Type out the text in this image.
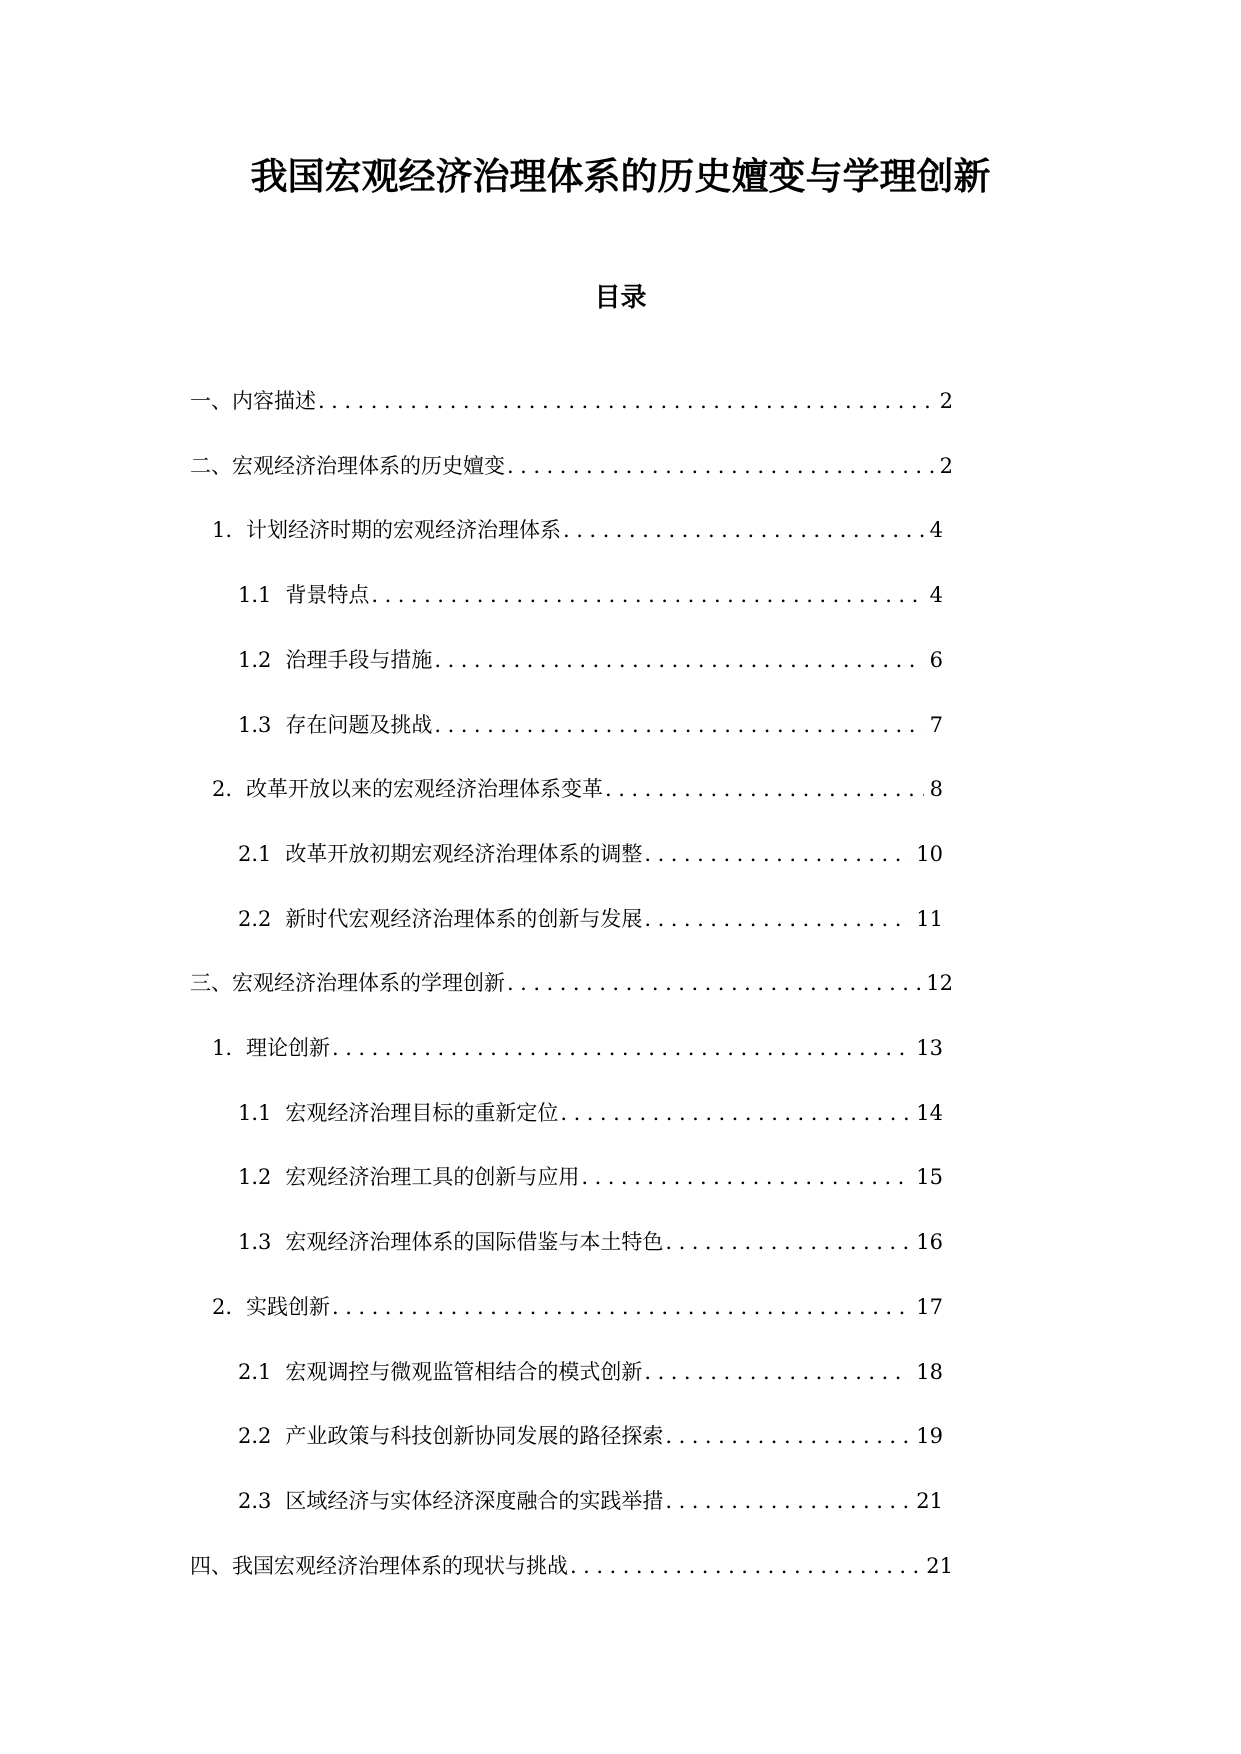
我国宏观经济治理体系的历史嬗变与学理创新
目录
一、 内容描述 .....	2
二、 宏观经济治理体系的历史嬗变 .....	2
1. 计划经济时期的宏观经济治理体系 .....	4
1.1 背景特点 .....	4
1.2 治理手段与措施 .....	6
1.3 存在问题及挑战 .....	7
2. 改革开放以来的宏观经济治理体系变革 .....	8
2.1 改革开放初期宏观经济治理体系的调整 .....	10
2.2 新时代宏观经济治理体系的创新与发展 .....	11
三、 宏观经济治理体系的学理创新 .....	12
1. 理论创新 .....	13
1.1 宏观经济治理目标的重新定位 .....	14
1.2 宏观经济治理工具的创新与应用 .....	15
1.3 宏观经济治理体系的国际借鉴与本土特色 .....	16
2. 实践创新 .....	17
2.1 宏观调控与微观监管相结合的模式创新 .....	18
2.2 产业政策与科技创新协同发展的路径探索 .....	19
2.3 区域经济与实体经济深度融合的实践举措 .....	21
四、 我国宏观经济治理体系的现状与挑战 .....	21
